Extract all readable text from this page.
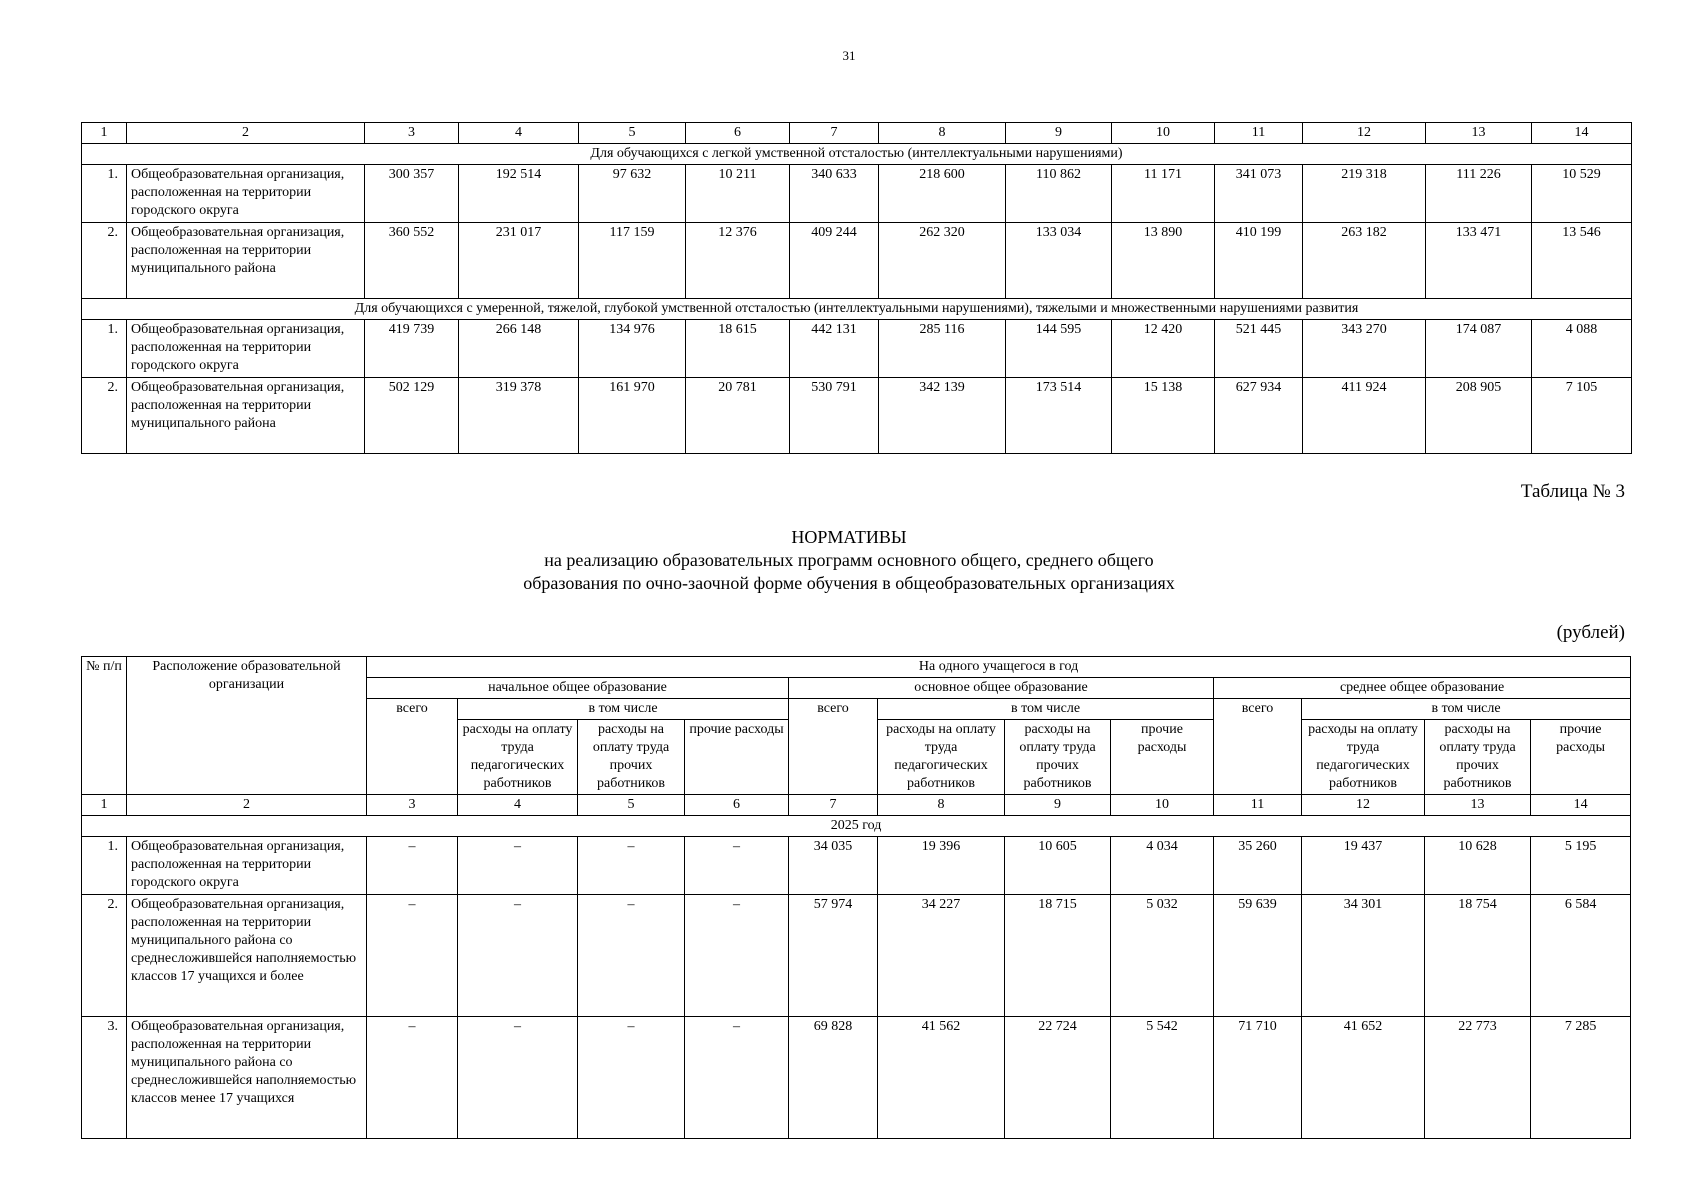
31
1	2	3	4	5	6	7	8	9	10	11	12	13	14
Для обучающихся с легкой умственной отсталостью (интеллектуальными нарушениями)													
1.	Общеобразовательная организация, расположенная на территории городского округа	300 357	192 514	97 632	10 211	340 633	218 600	110 862	11 171	341 073	219 318	111 226	10 529
2.	Общеобразовательная организация, расположенная на территории муниципального района	360 552	231 017	117 159	12 376	409 244	262 320	133 034	13 890	410 199	263 182	133 471	13 546
Для обучающихся с умеренной, тяжелой, глубокой умственной отсталостью (интеллектуальными нарушениями), тяжелыми и множественными нарушениями развития													
1.	Общеобразовательная организация, расположенная на территории городского округа	419 739	266 148	134 976	18 615	442 131	285 116	144 595	12 420	521 445	343 270	174 087	4 088
2.	Общеобразовательная организация, расположенная на территории муниципального района	502 129	319 378	161 970	20 781	530 791	342 139	173 514	15 138	627 934	411 924	208 905	7 105
Таблица № 3
НОРМАТИВЫ
на реализацию образовательных программ основного общего, среднего общего
образования по очно-заочной форме обучения в общеобразовательных организациях
(рублей)
№ п/п	Расположение образовательной организации	На одного учащегося в год											
		начальное общее образование				основное общее образование				среднее общее образование			
		всего	в том числе			всего	в том числе			всего	в том числе		
			расходы на оплату труда педагогических работников	расходы на оплату труда прочих работников	прочие расходы		расходы на оплату труда педагогических работников	расходы на оплату труда прочих работников	прочие расходы		расходы на оплату труда педагогических работников	расходы на оплату труда прочих работников	прочие расходы
1	2	3	4	5	6	7	8	9	10	11	12	13	14
2025 год													
1.	Общеобразовательная организация, расположенная на территории городского округа	–	–	–	–	34 035	19 396	10 605	4 034	35 260	19 437	10 628	5 195
2.	Общеобразовательная организация, расположенная на территории муниципального района со среднесложившейся наполняемостью классов 17 учащихся и более	–	–	–	–	57 974	34 227	18 715	5 032	59 639	34 301	18 754	6 584
3.	Общеобразовательная организация, расположенная на территории муниципального района со среднесложившейся наполняемостью классов менее 17 учащихся	–	–	–	–	69 828	41 562	22 724	5 542	71 710	41 652	22 773	7 285
